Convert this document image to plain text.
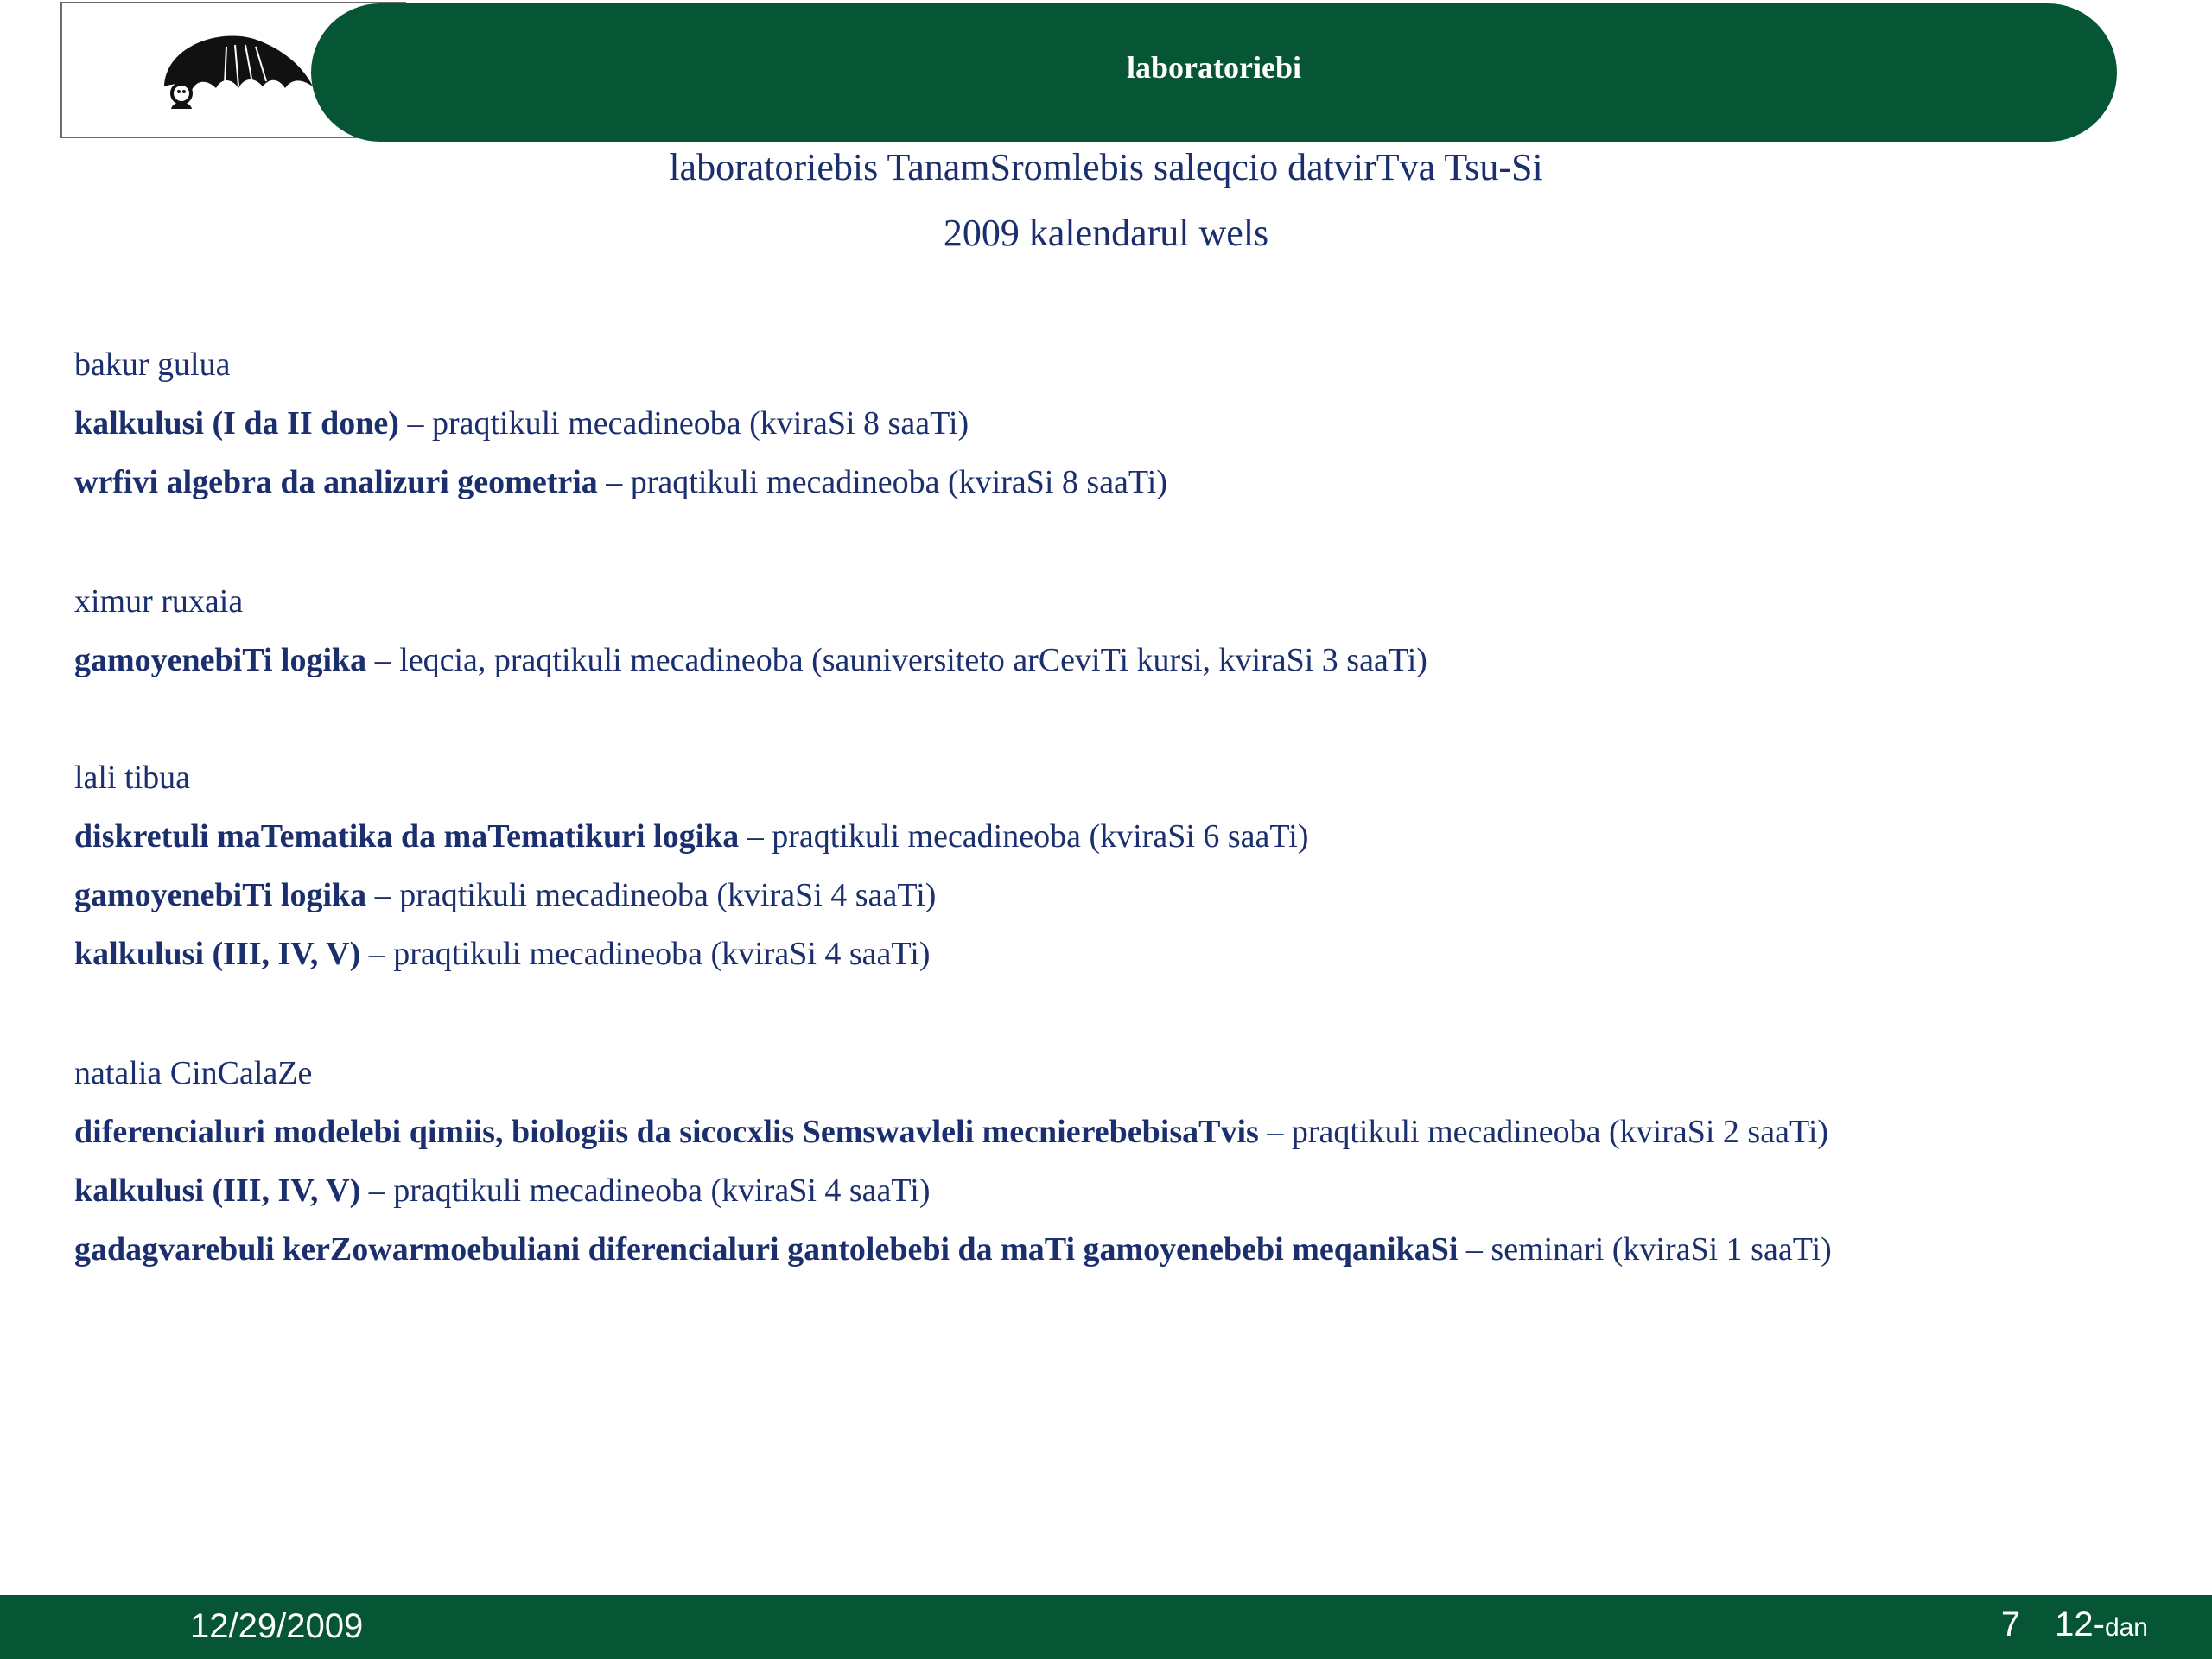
laboratoriebi
laboratoriebis TanamSromlebis saleqcio datvirTva Tsu-Si
2009 kalendarul wels
bakur gulua
kalkulusi (I da II done) – praqtikuli mecadineoba (kviraSi 8 saaTi)
wrfivi algebra da analizuri geometria – praqtikuli mecadineoba (kviraSi 8 saaTi)
ximur ruxaia
gamoyenebiTi logika – leqcia, praqtikuli mecadineoba (sauniversiteto arCeviTi kursi, kviraSi 3 saaTi)
lali tibua
diskretuli maTematika da maTematikuri logika – praqtikuli mecadineoba (kviraSi 6 saaTi)
gamoyenebiTi logika – praqtikuli mecadineoba (kviraSi 4 saaTi)
kalkulusi (III, IV, V) – praqtikuli mecadineoba (kviraSi 4 saaTi)
natalia CinCalaZe
diferencialuri modelebi qimiis, biologiis da sicocxlis Semswavleli mecnierebebisaTvis – praqtikuli mecadineoba (kviraSi 2 saaTi)
kalkulusi (III, IV, V) – praqtikuli mecadineoba (kviraSi 4 saaTi)
gadagvarebuli kerZowarmoebuliani diferencialuri gantolebebi da maTi gamoyenebebi meqanikaSi – seminari (kviraSi 1 saaTi)
12/29/2009	7 12-dan
